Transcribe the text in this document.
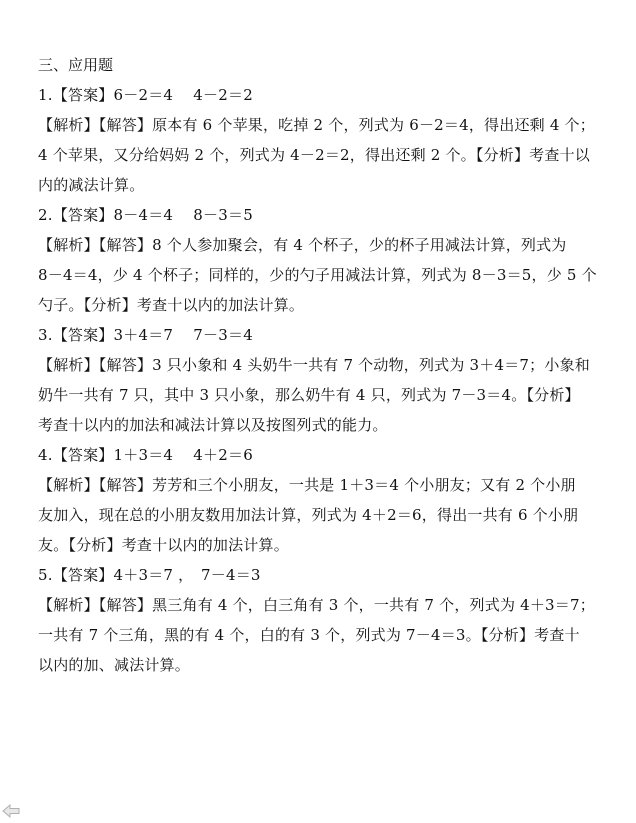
三、应用题
1.【答案】6－2＝4　 4－2＝2
【解析】【解答】原本有 6 个苹果，吃掉 2 个，列式为 6－2＝4，得出还剩 4 个；
4 个苹果，又分给妈妈 2 个，列式为 4－2＝2，得出还剩 2 个。【分析】考查十以
内的减法计算。
2.【答案】8－4＝4　 8－3＝5
【解析】【解答】8 个人参加聚会，有 4 个杯子，少的杯子用减法计算，列式为
8－4＝4，少 4 个杯子；同样的，少的勺子用减法计算，列式为 8－3＝5，少 5 个
勺子。【分析】考查十以内的加法计算。
3.【答案】3＋4＝7　 7－3＝4
【解析】【解答】3 只小象和 4 头奶牛一共有 7 个动物，列式为 3＋4＝7；小象和
奶牛一共有 7 只，其中 3 只小象，那么奶牛有 4 只，列式为 7－3＝4。【分析】
考查十以内的加法和减法计算以及按图列式的能力。
4.【答案】1＋3＝4　 4＋2＝6
【解析】【解答】芳芳和三个小朋友，一共是 1＋3＝4 个小朋友；又有 2 个小朋
友加入，现在总的小朋友数用加法计算，列式为 4＋2＝6，得出一共有 6 个小朋
友。【分析】考查十以内的加法计算。
5.【答案】4＋3＝7 ，　7－4＝3
【解析】【解答】黑三角有 4 个，白三角有 3 个，一共有 7 个，列式为 4＋3＝7；
一共有 7 个三角，黑的有 4 个，白的有 3 个，列式为 7－4＝3。【分析】考查十
以内的加、减法计算。
